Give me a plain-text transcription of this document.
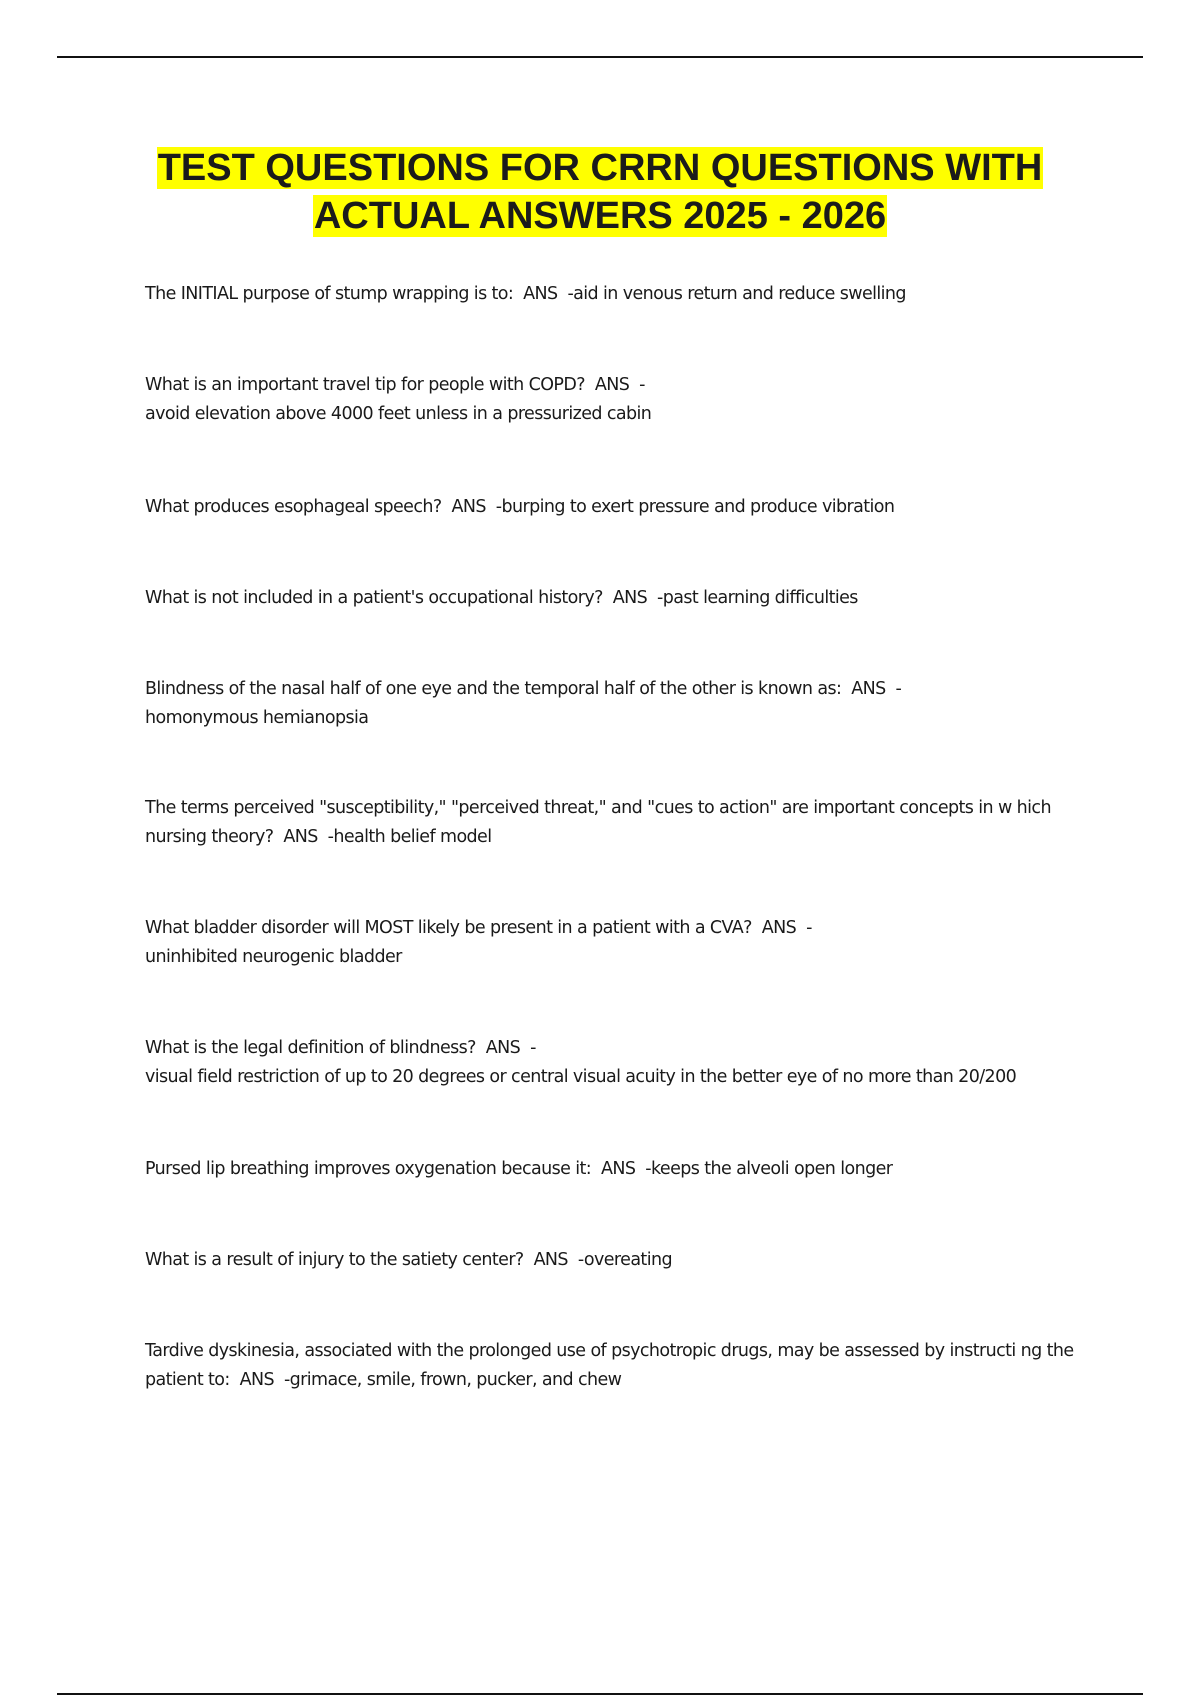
TEST QUESTIONS FOR CRRN QUESTIONS WITH
ACTUAL ANSWERS 2025 - 2026

The INITIAL purpose of stump wrapping is to: ANS  -aid in venous return and reduce swelling

What is an important travel tip for people with COPD? ANS  - avoid elevation above 4000 feet unless in a pressurized cabin

What produces esophageal speech? ANS  -burping to exert pressure and produce vibration

What is not included in a patient's occupational history? ANS  -past learning difficulties

Blindness of the nasal half of one eye and the temporal half of the other is known as: ANS  - homonymous hemianopsia

The terms perceived "susceptibility," "perceived threat," and "cues to action" are important concepts in w hich nursing theory? ANS  -health belief model

What bladder disorder will MOST likely be present in a patient with a CVA? ANS  - uninhibited neurogenic bladder

What is the legal definition of blindness? ANS  -
visual field restriction of up to 20 degrees or central visual acuity in the better eye of no more than 20/200

Pursed lip breathing improves oxygenation because it: ANS  -keeps the alveoli open longer

What is a result of injury to the satiety center? ANS  -overeating

Tardive dyskinesia, associated with the prolonged use of psychotropic drugs, may be assessed by instructi ng the patient to: ANS  -grimace, smile, frown, pucker, and chew
